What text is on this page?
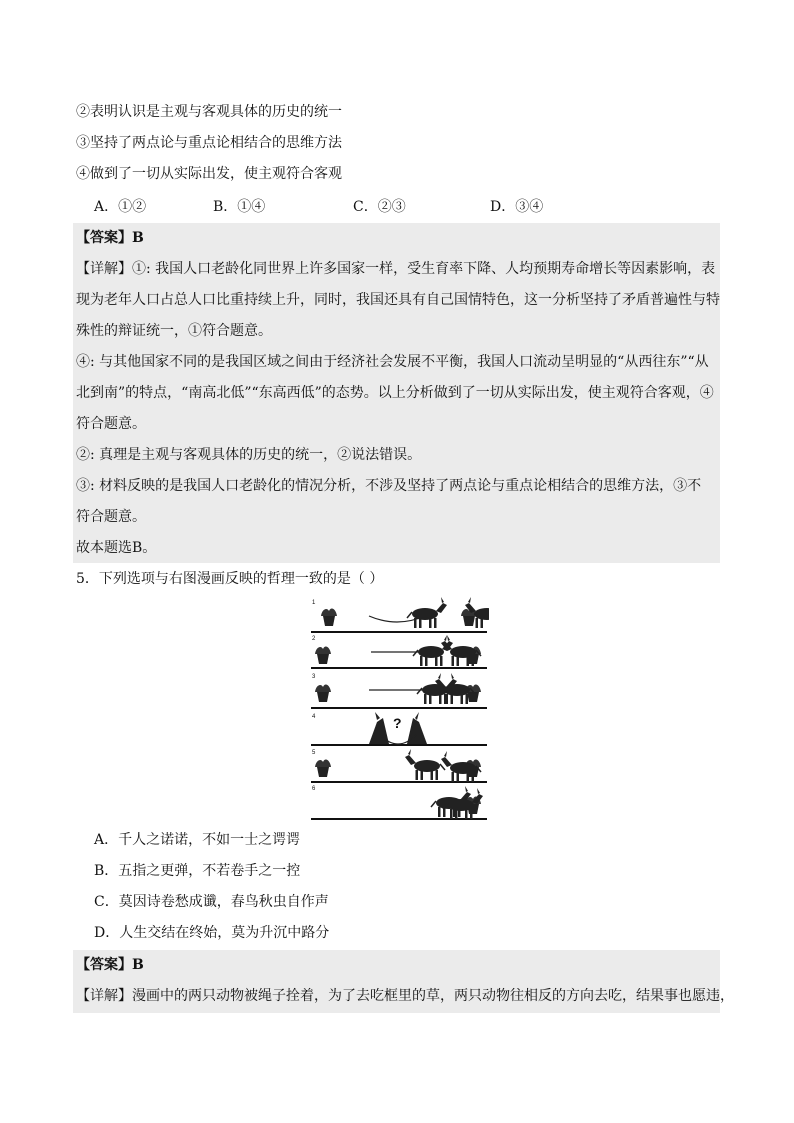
②表明认识是主观与客观具体的历史的统一
③坚持了两点论与重点论相结合的思维方法
④做到了一切从实际出发，使主观符合客观
A．①②	B．①④	C．②③	D．③④
【答案】B
【详解】①: 我国人口老龄化同世界上许多国家一样，受生育率下降、人均预期寿命增长等因素影响，表
现为老年人口占总人口比重持续上升，同时，我国还具有自己国情特色，这一分析坚持了矛盾普遍性与特
殊性的辩证统一，①符合题意。
④: 与其他国家不同的是我国区域之间由于经济社会发展不平衡，我国人口流动呈明显的“从西往东”“从
北到南”的特点，“南高北低”“东高西低”的态势。以上分析做到了一切从实际出发，使主观符合客观，④
符合题意。
②: 真理是主观与客观具体的历史的统一，②说法错误。
③: 材料反映的是我国人口老龄化的情况分析，不涉及坚持了两点论与重点论相结合的思维方法，③不
符合题意。
故本题选B。
5．下列选项与右图漫画反映的哲理一致的是（ ）
1
2
3
4
5
6
?
A．千人之诺诺，不如一士之谔谔
B．五指之更弹，不若卷手之一控
C．莫因诗卷愁成谶，春鸟秋虫自作声
D．人生交结在终始，莫为升沉中路分
【答案】B
【详解】漫画中的两只动物被绳子拴着，为了去吃框里的草，两只动物往相反的方向去吃，结果事也愿违，
